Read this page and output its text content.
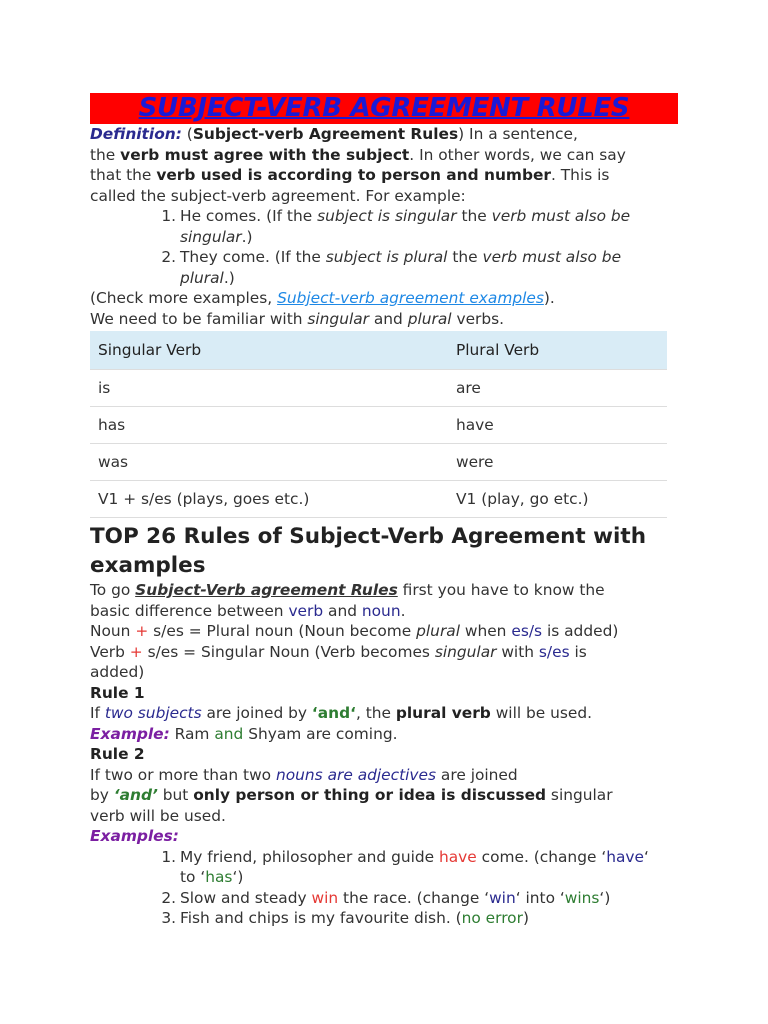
SUBJECT-VERB AGREEMENT RULES
Definition: (Subject-verb Agreement Rules) In a sentence,
the verb must agree with the subject. In other words, we can say
that the verb used is according to person and number. This is
called the subject-verb agreement. For example:
1. He comes. (If the subject is singular the verb must also be
singular.)
2. They come. (If the subject is plural the verb must also be
plural.)
(Check more examples, Subject-verb agreement examples).
We need to be familiar with singular and plural verbs.
Singular Verb	Plural Verb
is	are
has	have
was	were
V1 + s/es (plays, goes etc.)	V1 (play, go etc.)
TOP 26 Rules of Subject-Verb Agreement with
examples
To go Subject-Verb agreement Rules first you have to know the
basic difference between verb and noun.
Noun + s/es = Plural noun (Noun become plural when es/s is added)
Verb + s/es = Singular Noun (Verb becomes singular with s/es is
added)
Rule 1
If two subjects are joined by ‘and‘, the plural verb will be used.
Example: Ram and Shyam are coming.
Rule 2
If two or more than two nouns are adjectives are joined
by ‘and’ but only person or thing or idea is discussed singular
verb will be used.
Examples:
1. My friend, philosopher and guide have come. (change ‘have‘
to ‘has‘)
2. Slow and steady win the race. (change ‘win‘ into ‘wins‘)
3. Fish and chips is my favourite dish. (no error)
